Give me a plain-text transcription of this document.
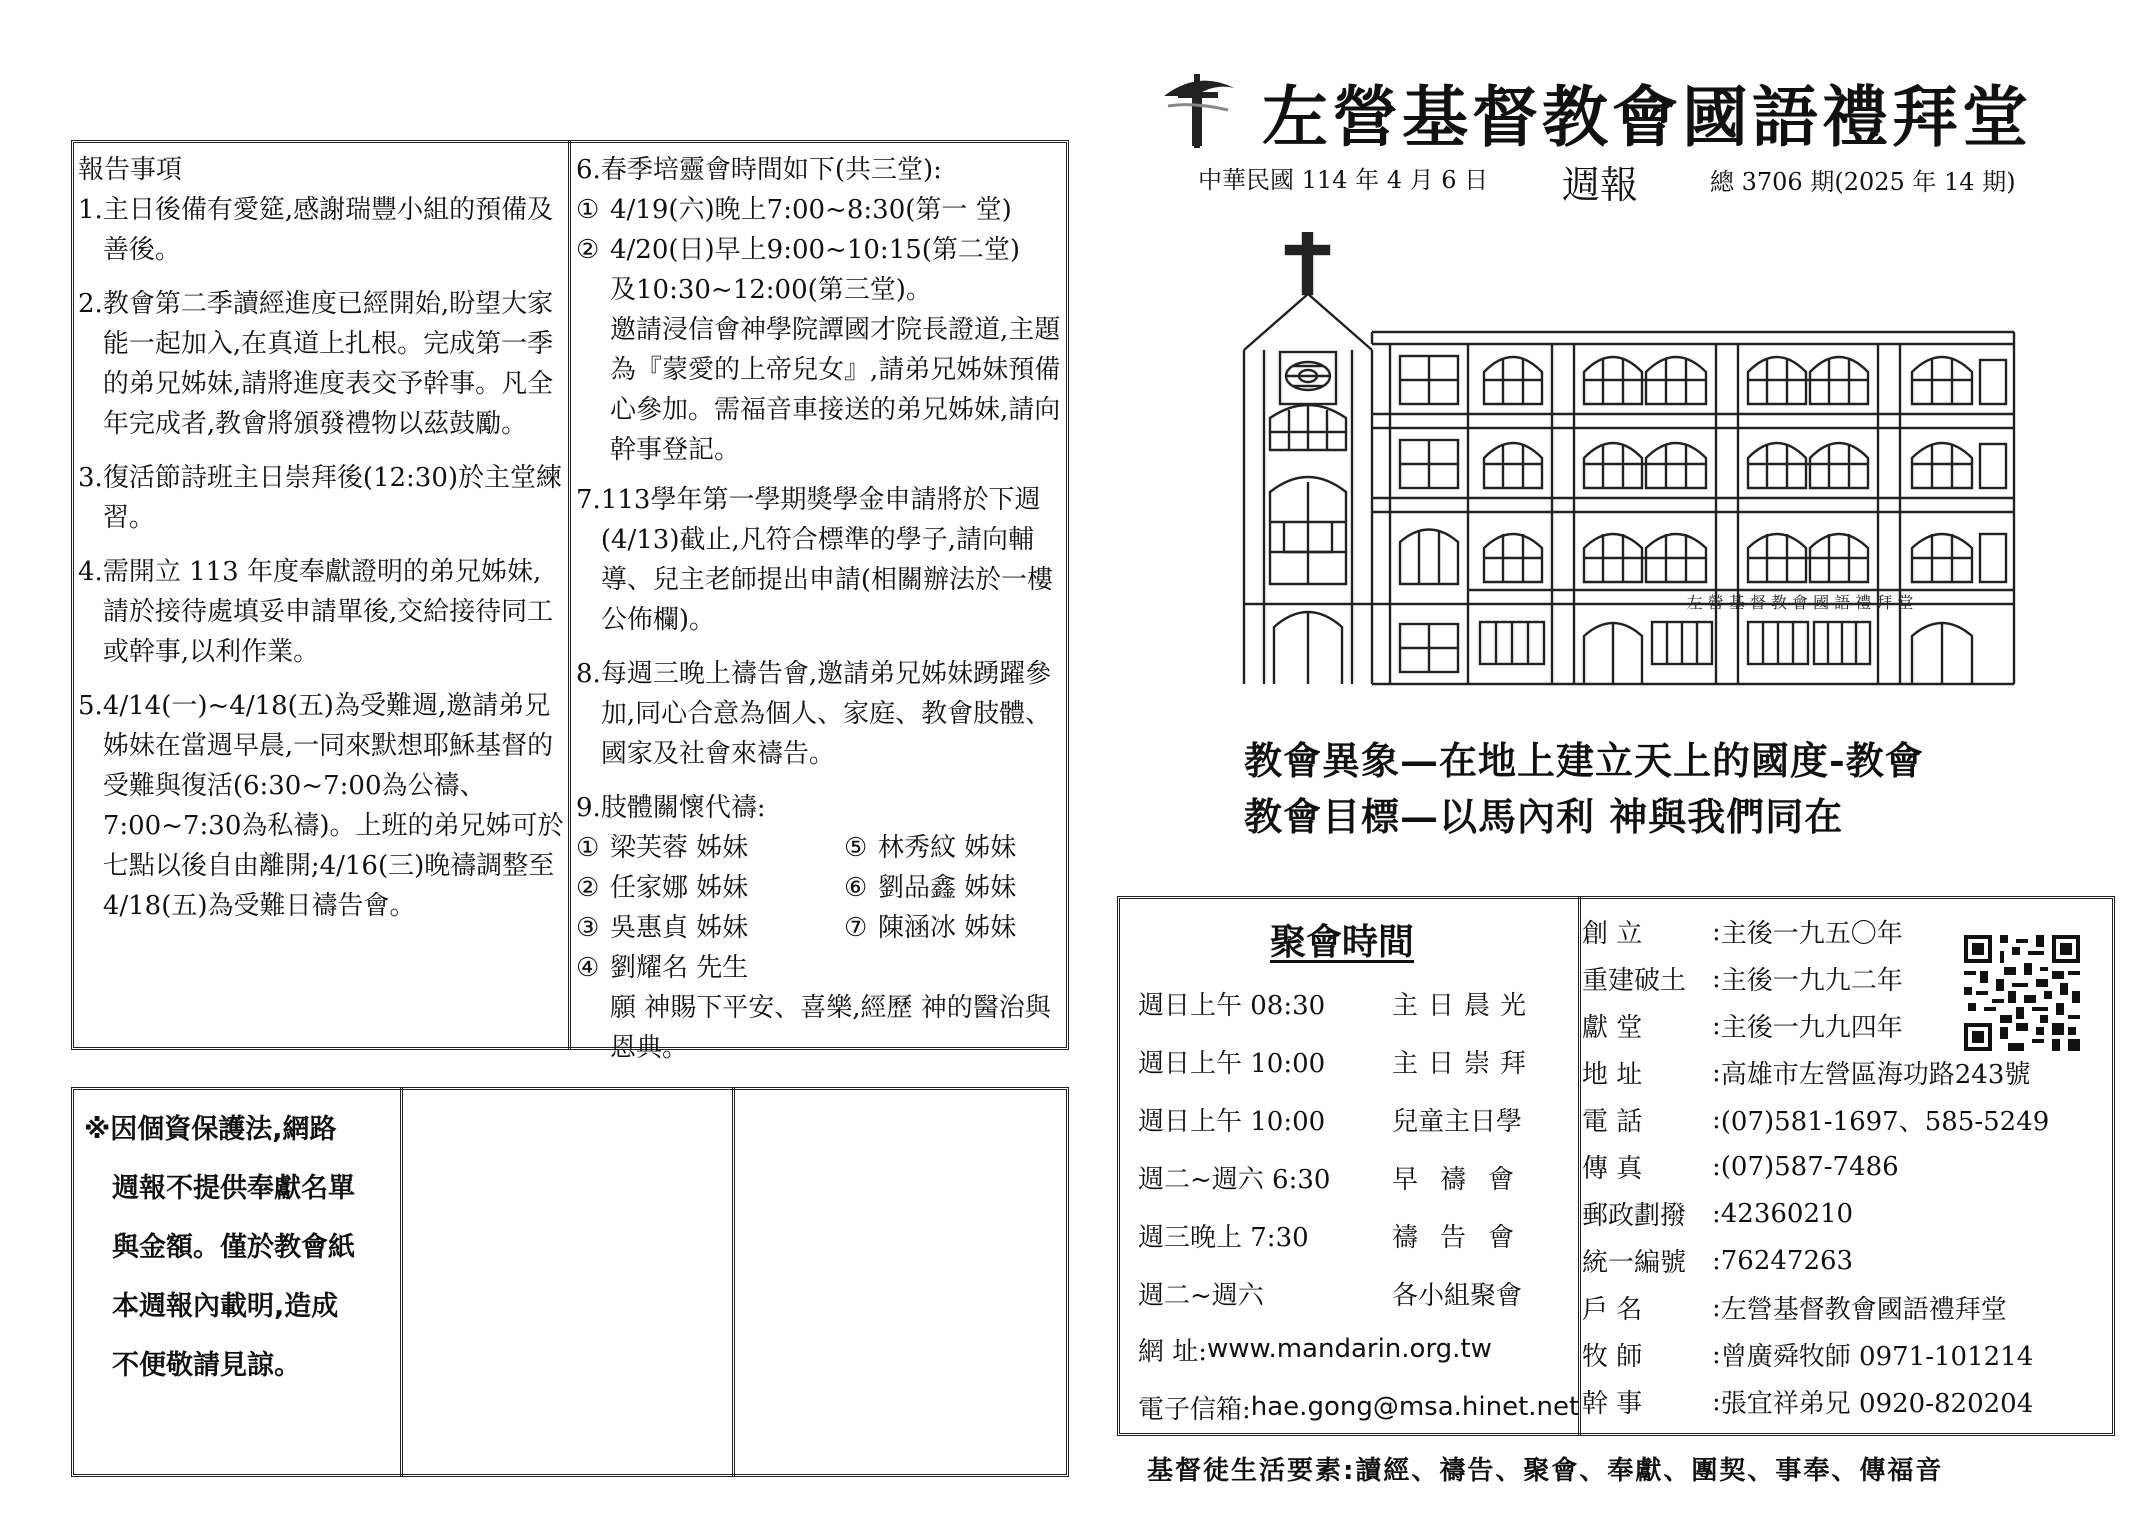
報告事項

1. 主日後備有愛筵,感謝瑞豐小組的預備及善後。
2. 教會第二季讀經進度已經開始,盼望大家能一起加入,在真道上扎根。完成第一季的弟兄姊妹,請將進度表交予幹事。凡全年完成者,教會將頒發禮物以茲鼓勵。
3. 復活節詩班主日崇拜後(12:30)於主堂練習。
4. 需開立 113 年度奉獻證明的弟兄姊妹,請於接待處填妥申請單後,交給接待同工或幹事,以利作業。
5. 4/14(一)~4/18(五)為受難週,邀請弟兄姊妹在當週早晨,一同來默想耶穌基督的受難與復活(6:30~7:00為公禱、7:00~7:30為私禱)。上班的弟兄姊可於七點以後自由離開;4/16(三)晚禱調整至4/18(五)為受難日禱告會。
6. 春季培靈會時間如下(共三堂):
① 4/19(六)晚上7:00~8:30(第一 堂)
② 4/20(日)早上9:00~10:15(第二堂)
及10:30~12:00(第三堂)。
邀請浸信會神學院譚國才院長證道,主題為『蒙愛的上帝兒女』,請弟兄姊妹預備心參加。需福音車接送的弟兄姊妹,請向幹事登記。
7. 113學年第一學期獎學金申請將於下週(4/13)截止,凡符合標準的學子,請向輔導、兒主老師提出申請(相關辦法於一樓公佈欄)。
8. 每週三晚上禱告會,邀請弟兄姊妹踴躍參加,同心合意為個人、家庭、教會肢體、國家及社會來禱告。
9. 肢體關懷代禱:
① 梁芙蓉 姊妹	⑤ 林秀紋 姊妹
② 任家娜 姊妹	⑥ 劉品鑫 姊妹
③ 吳惠貞 姊妹	⑦ 陳涵冰 姊妹
④ 劉耀名 先生
願 神賜下平安、喜樂,經歷 神的醫治與恩典。
※因個資保護法,網路
週報不提供奉獻名單
與金額。僅於教會紙
本週報內載明,造成
不便敬請見諒。
左營基督教會國語禮拜堂
中華民國 114 年 4 月 6 日 週報	總 3706 期(2025 年 14 期)
左 營 基 督 教 會 國 語 禮 拜 堂
教會異象—在地上建立天上的國度-教會
教會目標—以馬內利 神與我們同在
聚會時間
週日上午 08:30	主日晨光
週日上午 10:00	主日崇拜
週日上午 10:00	兒童主日學
週二~週六 6:30	早禱會
週三晚上 7:30	禱告會
週二~週六	各小組聚會
網 址: www.mandarin.org.tw
電子信箱: hae.gong@msa.hinet.net
創 立	: 主後一九五〇年
重建破土 : 主後一九九二年
獻 堂	: 主後一九九四年
地 址	: 高雄市左營區海功路243號
電 話	: (07)581-1697、585-5249
傳 真	: (07)587-7486
郵政劃撥 : 42360210
統一編號 : 76247263
戶 名	: 左營基督教會國語禮拜堂
牧 師	: 曾廣舜牧師 0971-101214
幹 事	: 張宜祥弟兄 0920-820204
基督徒生活要素:讀經、禱告、聚會、奉獻、團契、事奉、傳福音
